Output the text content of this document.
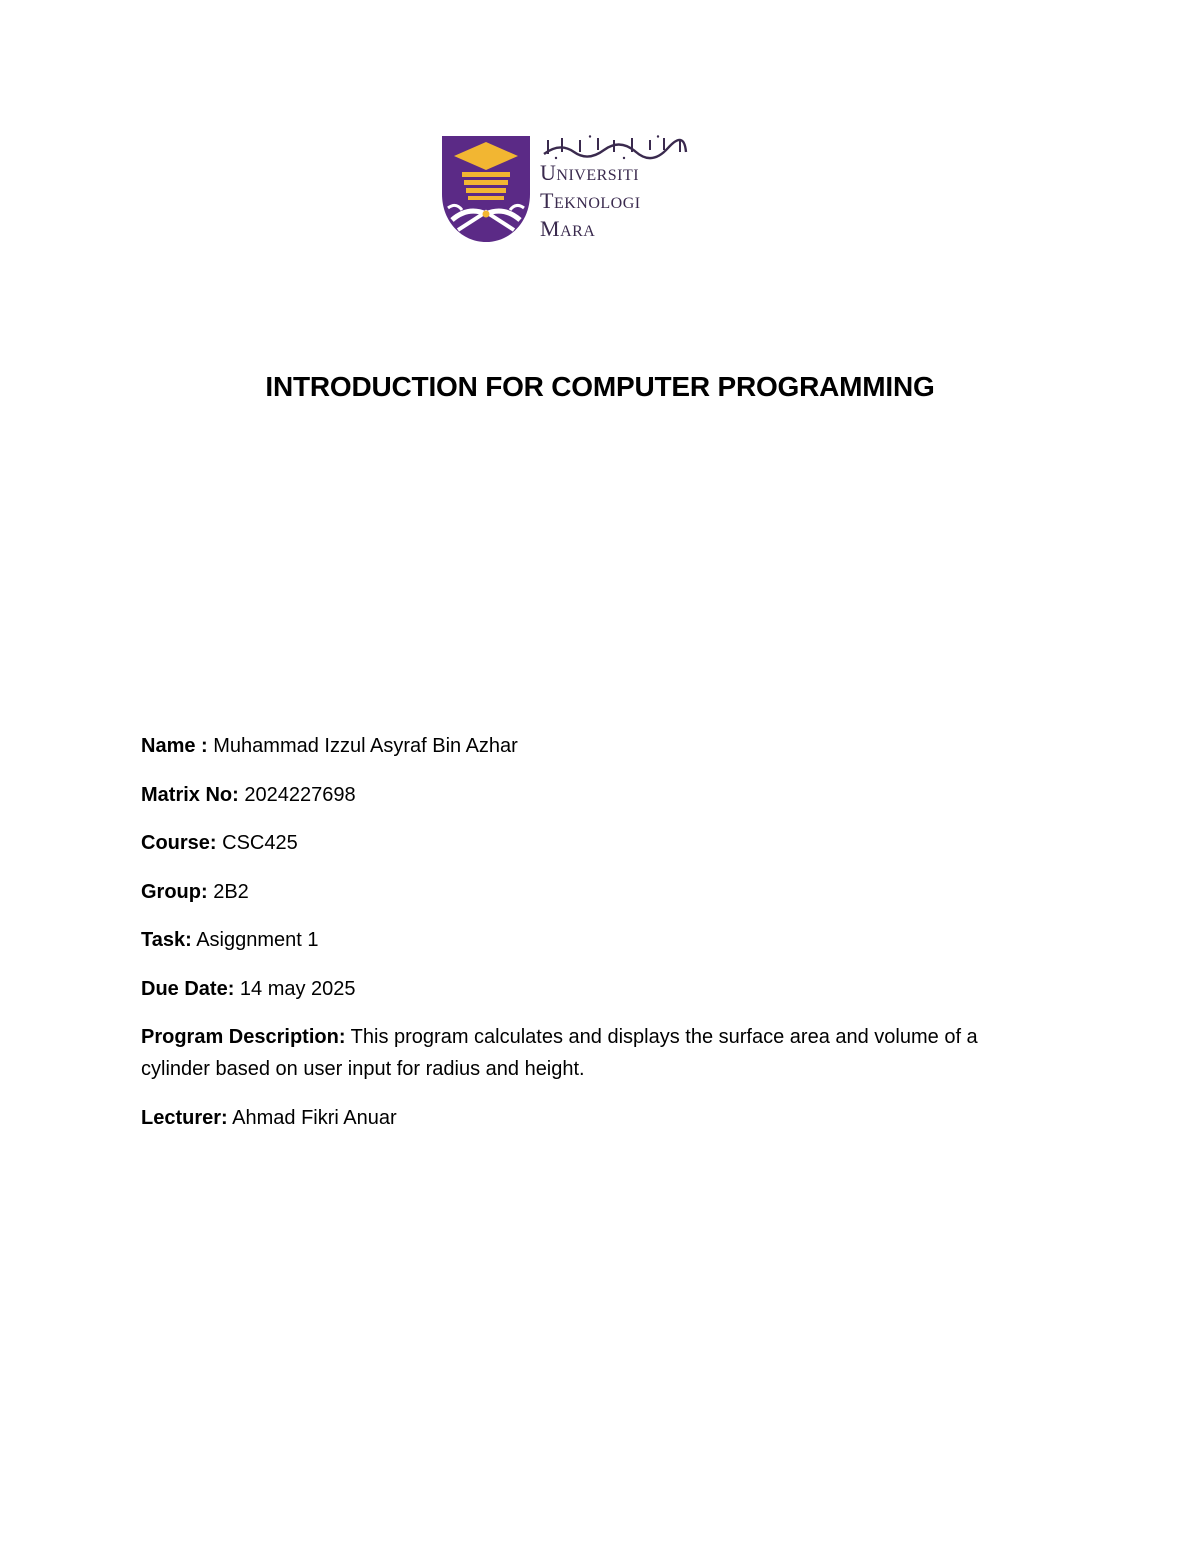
UNIVERSITI
TEKNOLOGI
MARA
INTRODUCTION FOR COMPUTER PROGRAMMING
Name : Muhammad Izzul Asyraf Bin Azhar
Matrix No: 2024227698
Course: CSC425
Group: 2B2
Task: Asiggnment 1
Due Date: 14 may 2025
Program Description: This program calculates and displays the surface area and volume of a cylinder based on user input for radius and height.
Lecturer: Ahmad Fikri Anuar
